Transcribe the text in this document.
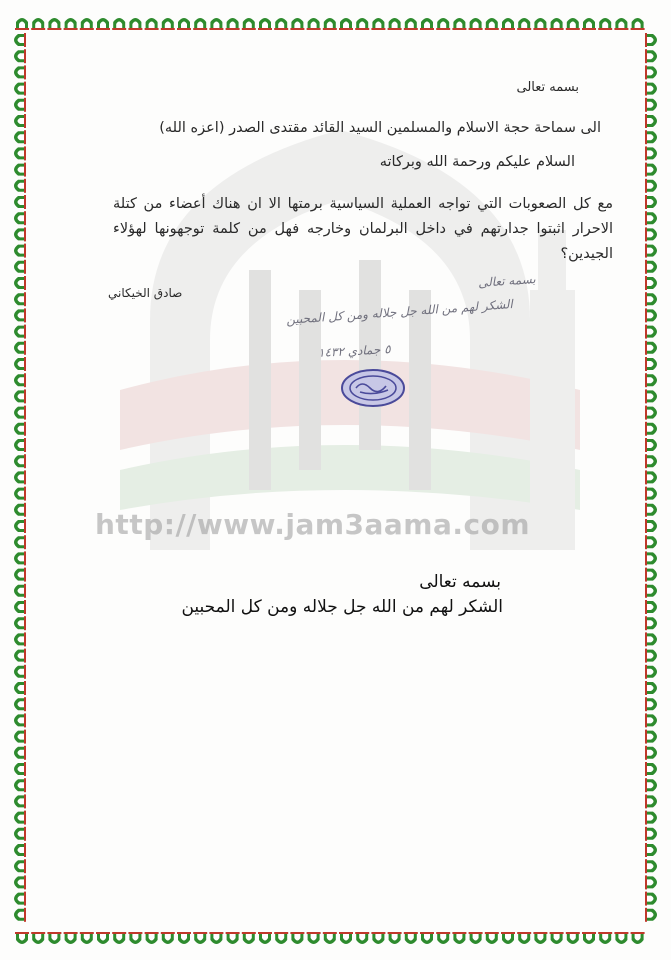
http://www.jam3aama.com
بسمه تعالى
الى سماحة حجة الاسلام والمسلمين السيد القائد مقتدى الصدر (اعزه الله)
السلام عليكم ورحمة الله وبركاته
مع كل الصعوبات التي تواجه العملية السياسية برمتها الا ان هناك أعضاء من كتلة الاحرار اثبتوا جدارتهم في داخل البرلمان وخارجه فهل من كلمة توجهونها لهؤلاء الجيدين؟
صادق الخيكاني
بسمه تعالى
الشكر لهم من الله جل جلاله ومن كل المحبين
٥ جمادي ١٤٣٢
بسمه تعالى
الشكر لهم من الله جل جلاله ومن كل المحبين
